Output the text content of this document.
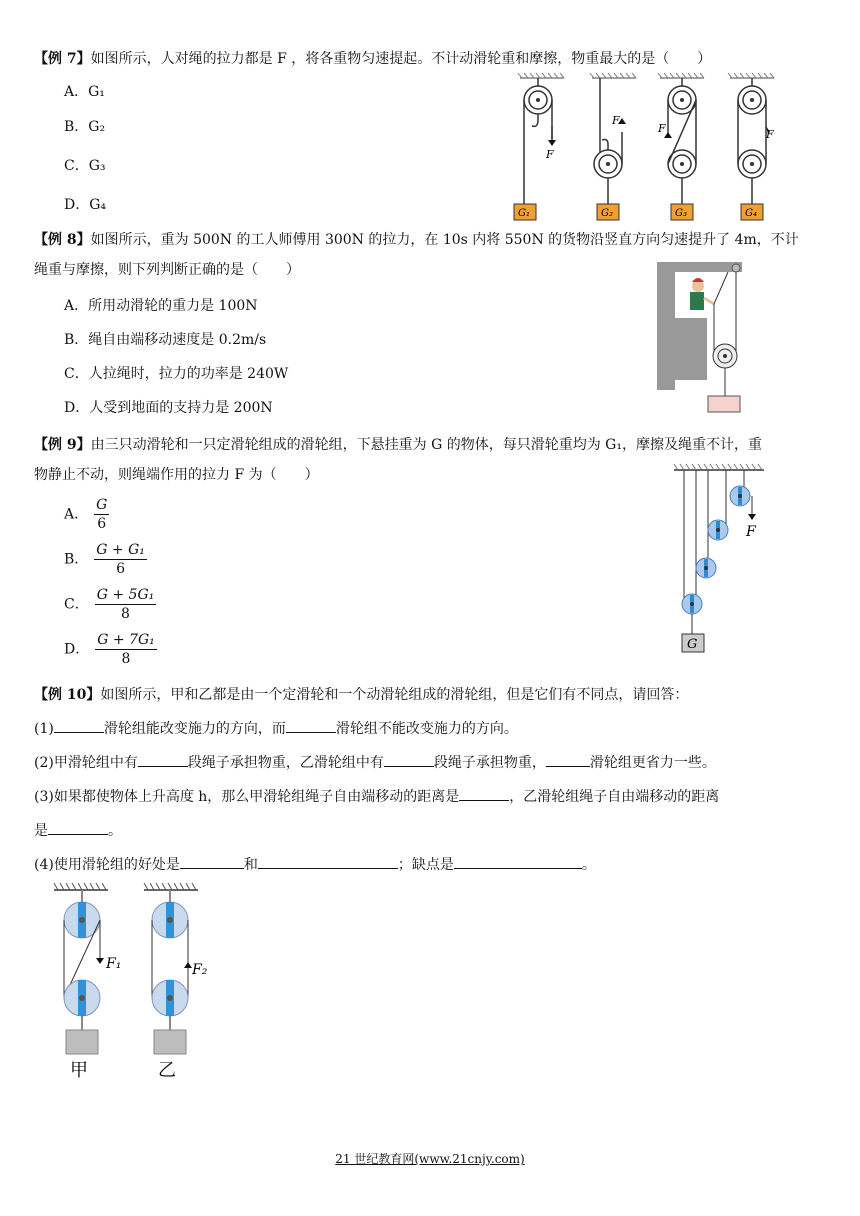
【例 7】如图所示，人对绳的拉力都是 F ，将各重物匀速提起。不计动滑轮重和摩擦，物重最大的是（　　）
A．G₁
B．G₂
C．G₃
D．G₄
G₁
F
F
G₂
F
G₃
F
G₄
【例 8】如图所示，重为 500N 的工人师傅用 300N 的拉力，在 10s 内将 550N 的货物沿竖直方向匀速提升了 4m，不计
绳重与摩擦，则下列判断正确的是（　　）
A．所用动滑轮的重力是 100N
B．绳自由端移动速度是 0.2m/s
C．人拉绳时，拉力的功率是 240W
D．人受到地面的支持力是 200N
【例 9】由三只动滑轮和一只定滑轮组成的滑轮组，下悬挂重为 G 的物体，每只滑轮重均为 G₁，摩擦及绳重不计，重
物静止不动，则绳端作用的拉力 F 为（　　）
A． $\frac{G}{6}$
B． $\frac{\text{G + G₁}}{6}$
C． $\frac{\text{G + 5G₁}}{8}$
D． $\frac{\text{G + 7G₁}}{8}$	G
F
【例 10】如图所示，甲和乙都是由一个定滑轮和一个动滑轮组成的滑轮组，但是它们有不同点，请回答：
(1)	滑轮组能改变施力的方向，而	滑轮组不能改变施力的方向。
(2)甲滑轮组中有	段绳子承担物重，乙滑轮组中有	段绳子承担物重，	滑轮组更省力一些。
(3)如果都使物体上升高度 h，那么甲滑轮组绳子自由端移动的距离是	，乙滑轮组绳子自由端移动的距离
是	。
(4)使用滑轮组的好处是	和	；缺点是	。
F₁
甲
F₂
乙
21 世纪教育网(www.21cnjy.com)
